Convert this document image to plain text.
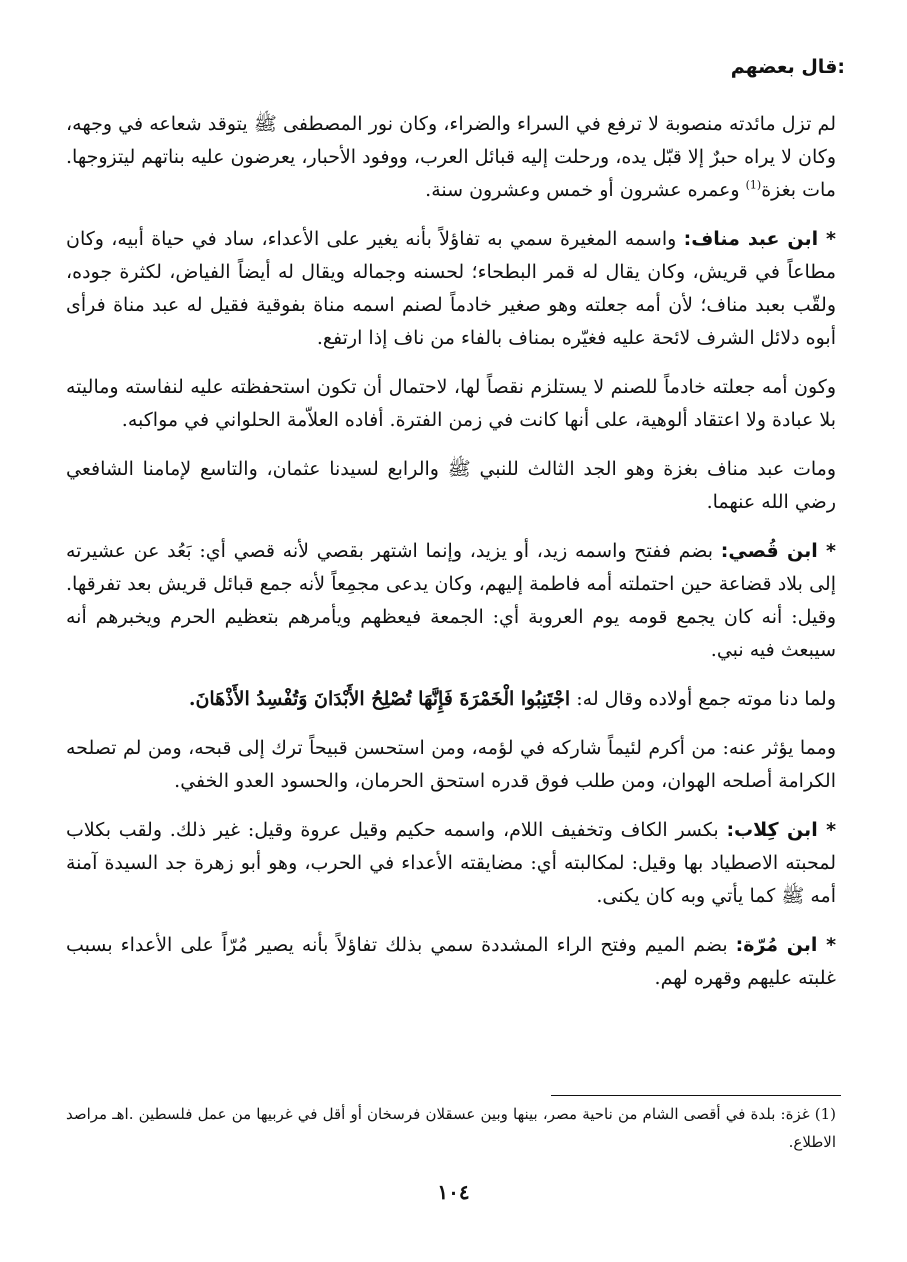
قال بعضهم:

لم تزل مائدته منصوبة لا ترفع في السراء والضراء، وكان نور المصطفى ﷺ يتوقد شعاعه في وجهه، وكان لا يراه حبرٌ إلا قبّل يده، ورحلت إليه قبائل العرب، ووفود الأحبار، يعرضون عليه بناتهم ليتزوجها. مات بغزة$^{(1)}$ وعمره عشرون أو خمس وعشرون سنة.

* ابن عبد مناف: واسمه المغيرة سمي به تفاؤلاً بأنه يغير على الأعداء، ساد في حياة أبيه، وكان مطاعاً في قريش، وكان يقال له قمر البطحاء؛ لحسنه وجماله ويقال له أيضاً الفياض، لكثرة جوده، ولقّب بعبد مناف؛ لأن أمه جعلته وهو صغير خادماً لصنم اسمه مناة بفوقية فقيل له عبد مناة فرأى أبوه دلائل الشرف لائحة عليه فغيّره بمناف بالفاء من ناف إذا ارتفع.

وكون أمه جعلته خادماً للصنم لا يستلزم نقصاً لها، لاحتمال أن تكون استحفظته عليه لنفاسته وماليته بلا عبادة ولا اعتقاد ألوهية، على أنها كانت في زمن الفترة. أفاده العلاّمة الحلواني في مواكبه.

ومات عبد مناف بغزة وهو الجد الثالث للنبي ﷺ والرابع لسيدنا عثمان، والتاسع لإمامنا الشافعي رضي الله عنهما.

* ابن قُصي: بضم ففتح واسمه زيد، أو يزيد، وإنما اشتهر بقصي لأنه قصي أي: بَعُد عن عشيرته إلى بلاد قضاعة حين احتملته أمه فاطمة إليهم، وكان يدعى مجمِعاً لأنه جمع قبائل قريش بعد تفرقها. وقيل: أنه كان يجمع قومه يوم العروبة أي: الجمعة فيعظهم ويأمرهم بتعظيم الحرم ويخبرهم أنه سيبعث فيه نبي.

ولما دنا موته جمع أولاده وقال له: اجْتَنِبُوا الْخَمْرَةَ فَإِنَّهَا تُصْلِحُ الأَبْدَانَ وَتُفْسِدُ الأَذْهَانَ.

ومما يؤثر عنه: من أكرم لئيماً شاركه في لؤمه، ومن استحسن قبيحاً ترك إلى قبحه، ومن لم تصلحه الكرامة أصلحه الهوان، ومن طلب فوق قدره استحق الحرمان، والحسود العدو الخفي.

* ابن كِلاب: بكسر الكاف وتخفيف اللام، واسمه حكيم وقيل عروة وقيل: غير ذلك. ولقب بكلاب لمحبته الاصطياد بها وقيل: لمكالبته أي: مضايقته الأعداء في الحرب، وهو أبو زهرة جد السيدة آمنة أمه ﷺ كما يأتي وبه كان يكنى.

* ابن مُرّة: بضم الميم وفتح الراء المشددة سمي بذلك تفاؤلاً بأنه يصير مُرّاً على الأعداء بسبب غلبته عليهم وقهره لهم.

(1) غزة: بلدة في أقصى الشام من ناحية مصر، بينها وبين عسقلان فرسخان أو أقل في غربيها من عمل فلسطين .اهـ مراصد الاطلاع.

١٠٤
